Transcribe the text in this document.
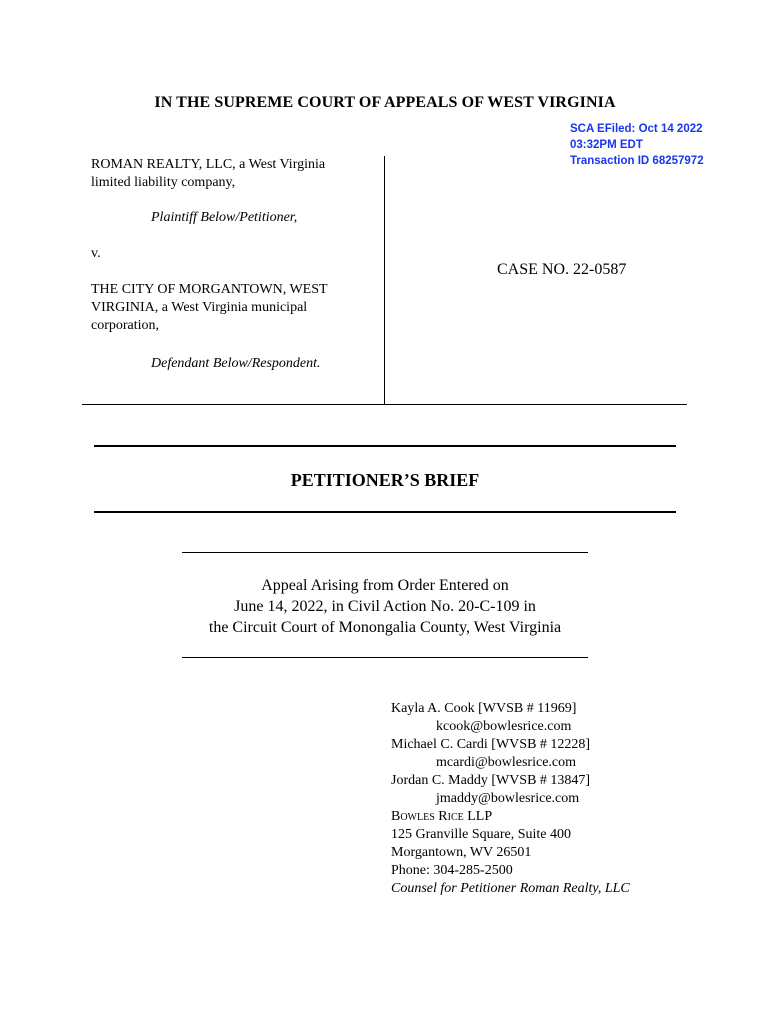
IN THE SUPREME COURT OF APPEALS OF WEST VIRGINIA
SCA EFiled: Oct 14 2022
03:32PM EDT
Transaction ID 68257972
ROMAN REALTY, LLC, a West Virginia
limited liability company,
Plaintiff Below/Petitioner,
v.
THE CITY OF MORGANTOWN, WEST
VIRGINIA, a West Virginia municipal
corporation,
Defendant Below/Respondent.
CASE NO. 22-0587
PETITIONER’S BRIEF
Appeal Arising from Order Entered on
June 14, 2022, in Civil Action No. 20-C-109 in
the Circuit Court of Monongalia County, West Virginia
Kayla A. Cook [WVSB # 11969]
kcook@bowlesrice.com
Michael C. Cardi [WVSB # 12228]
mcardi@bowlesrice.com
Jordan C. Maddy [WVSB # 13847]
jmaddy@bowlesrice.com
Bowles Rice LLP
125 Granville Square, Suite 400
Morgantown, WV 26501
Phone: 304-285-2500
Counsel for Petitioner Roman Realty, LLC
